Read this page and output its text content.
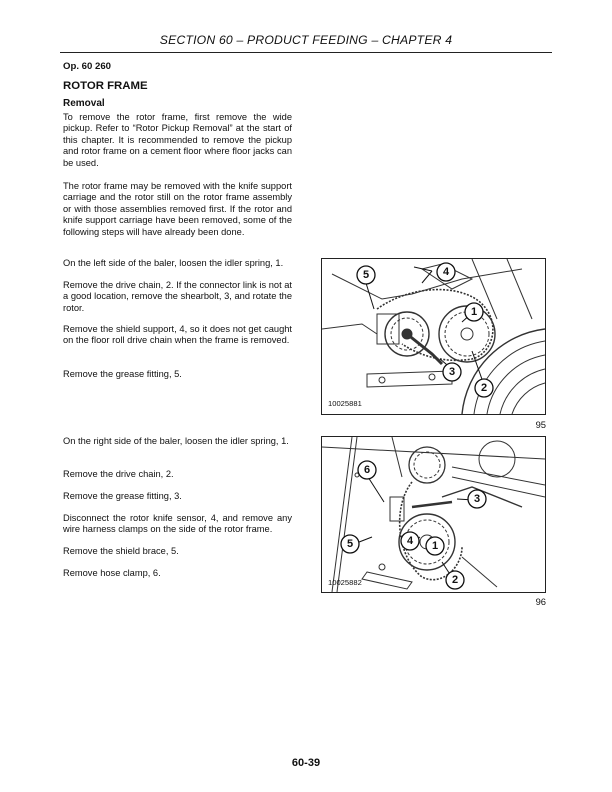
SECTION 60 – PRODUCT FEEDING – CHAPTER 4
Op. 60 260
ROTOR FRAME
Removal

To remove the rotor frame, first remove the wide pickup. Refer to “Rotor Pickup Removal” at the start of this chapter. It is recommended to remove the pickup and rotor frame on a cement floor where floor jacks can be used.

The rotor frame may be removed with the knife support carriage and the rotor still on the rotor frame assembly or with those assemblies removed first. If the rotor and knife support carriage have been removed, some of the following steps will have already been done.

On the left side of the baler, loosen the idler spring, 1.

Remove the drive chain, 2. If the connector link is not at a good location, remove the shearbolt, 3, and rotate the rotor.

Remove the shield support, 4, so it does not get caught on the floor roll drive chain when the frame is removed.

Remove the grease fitting, 5.

On the right side of the baler, loosen the idler spring, 1.

Remove the drive chain, 2.

Remove the grease fitting, 3.

Disconnect the rotor knife sensor, 4, and remove any wire harness clamps on the side of the rotor frame.

Remove the shield brace, 5.

Remove hose clamp, 6.

5	4
1
3
2
10025881
95
6
3
5	4 1
2
10025882
96
60-39
